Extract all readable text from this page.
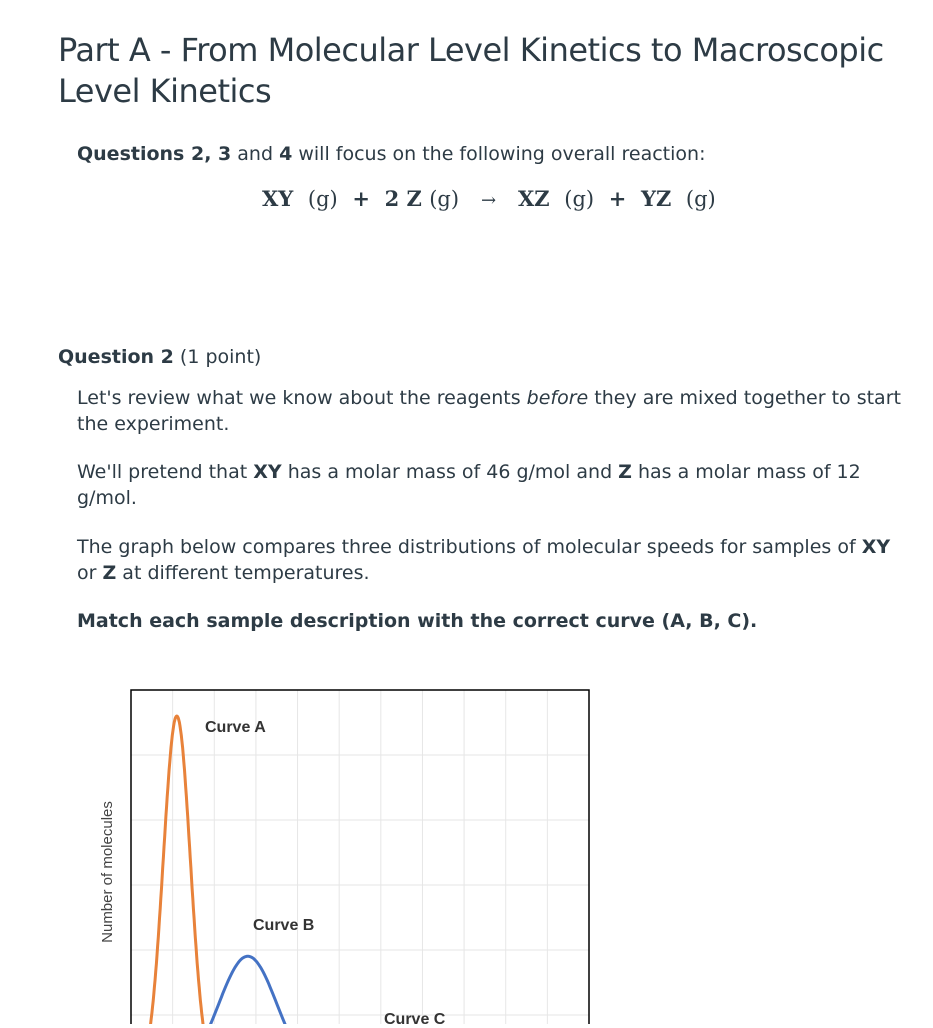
Part A - From Molecular Level Kinetics to Macroscopic Level Kinetics

Questions 2, 3 and 4 will focus on the following overall reaction:

XY (g) + 2 Z (g) → XZ (g) + YZ (g)

Question 2 (1 point)

Let's review what we know about the reagents before they are mixed together to start the experiment.

We'll pretend that XY has a molar mass of 46 g/mol and Z has a molar mass of 12 g/mol.

The graph below compares three distributions of molecular speeds for samples of XY or Z at different temperatures.

Match each sample description with the correct curve (A, B, C).

Number of molecules
Curve A
Curve B
Curve C
